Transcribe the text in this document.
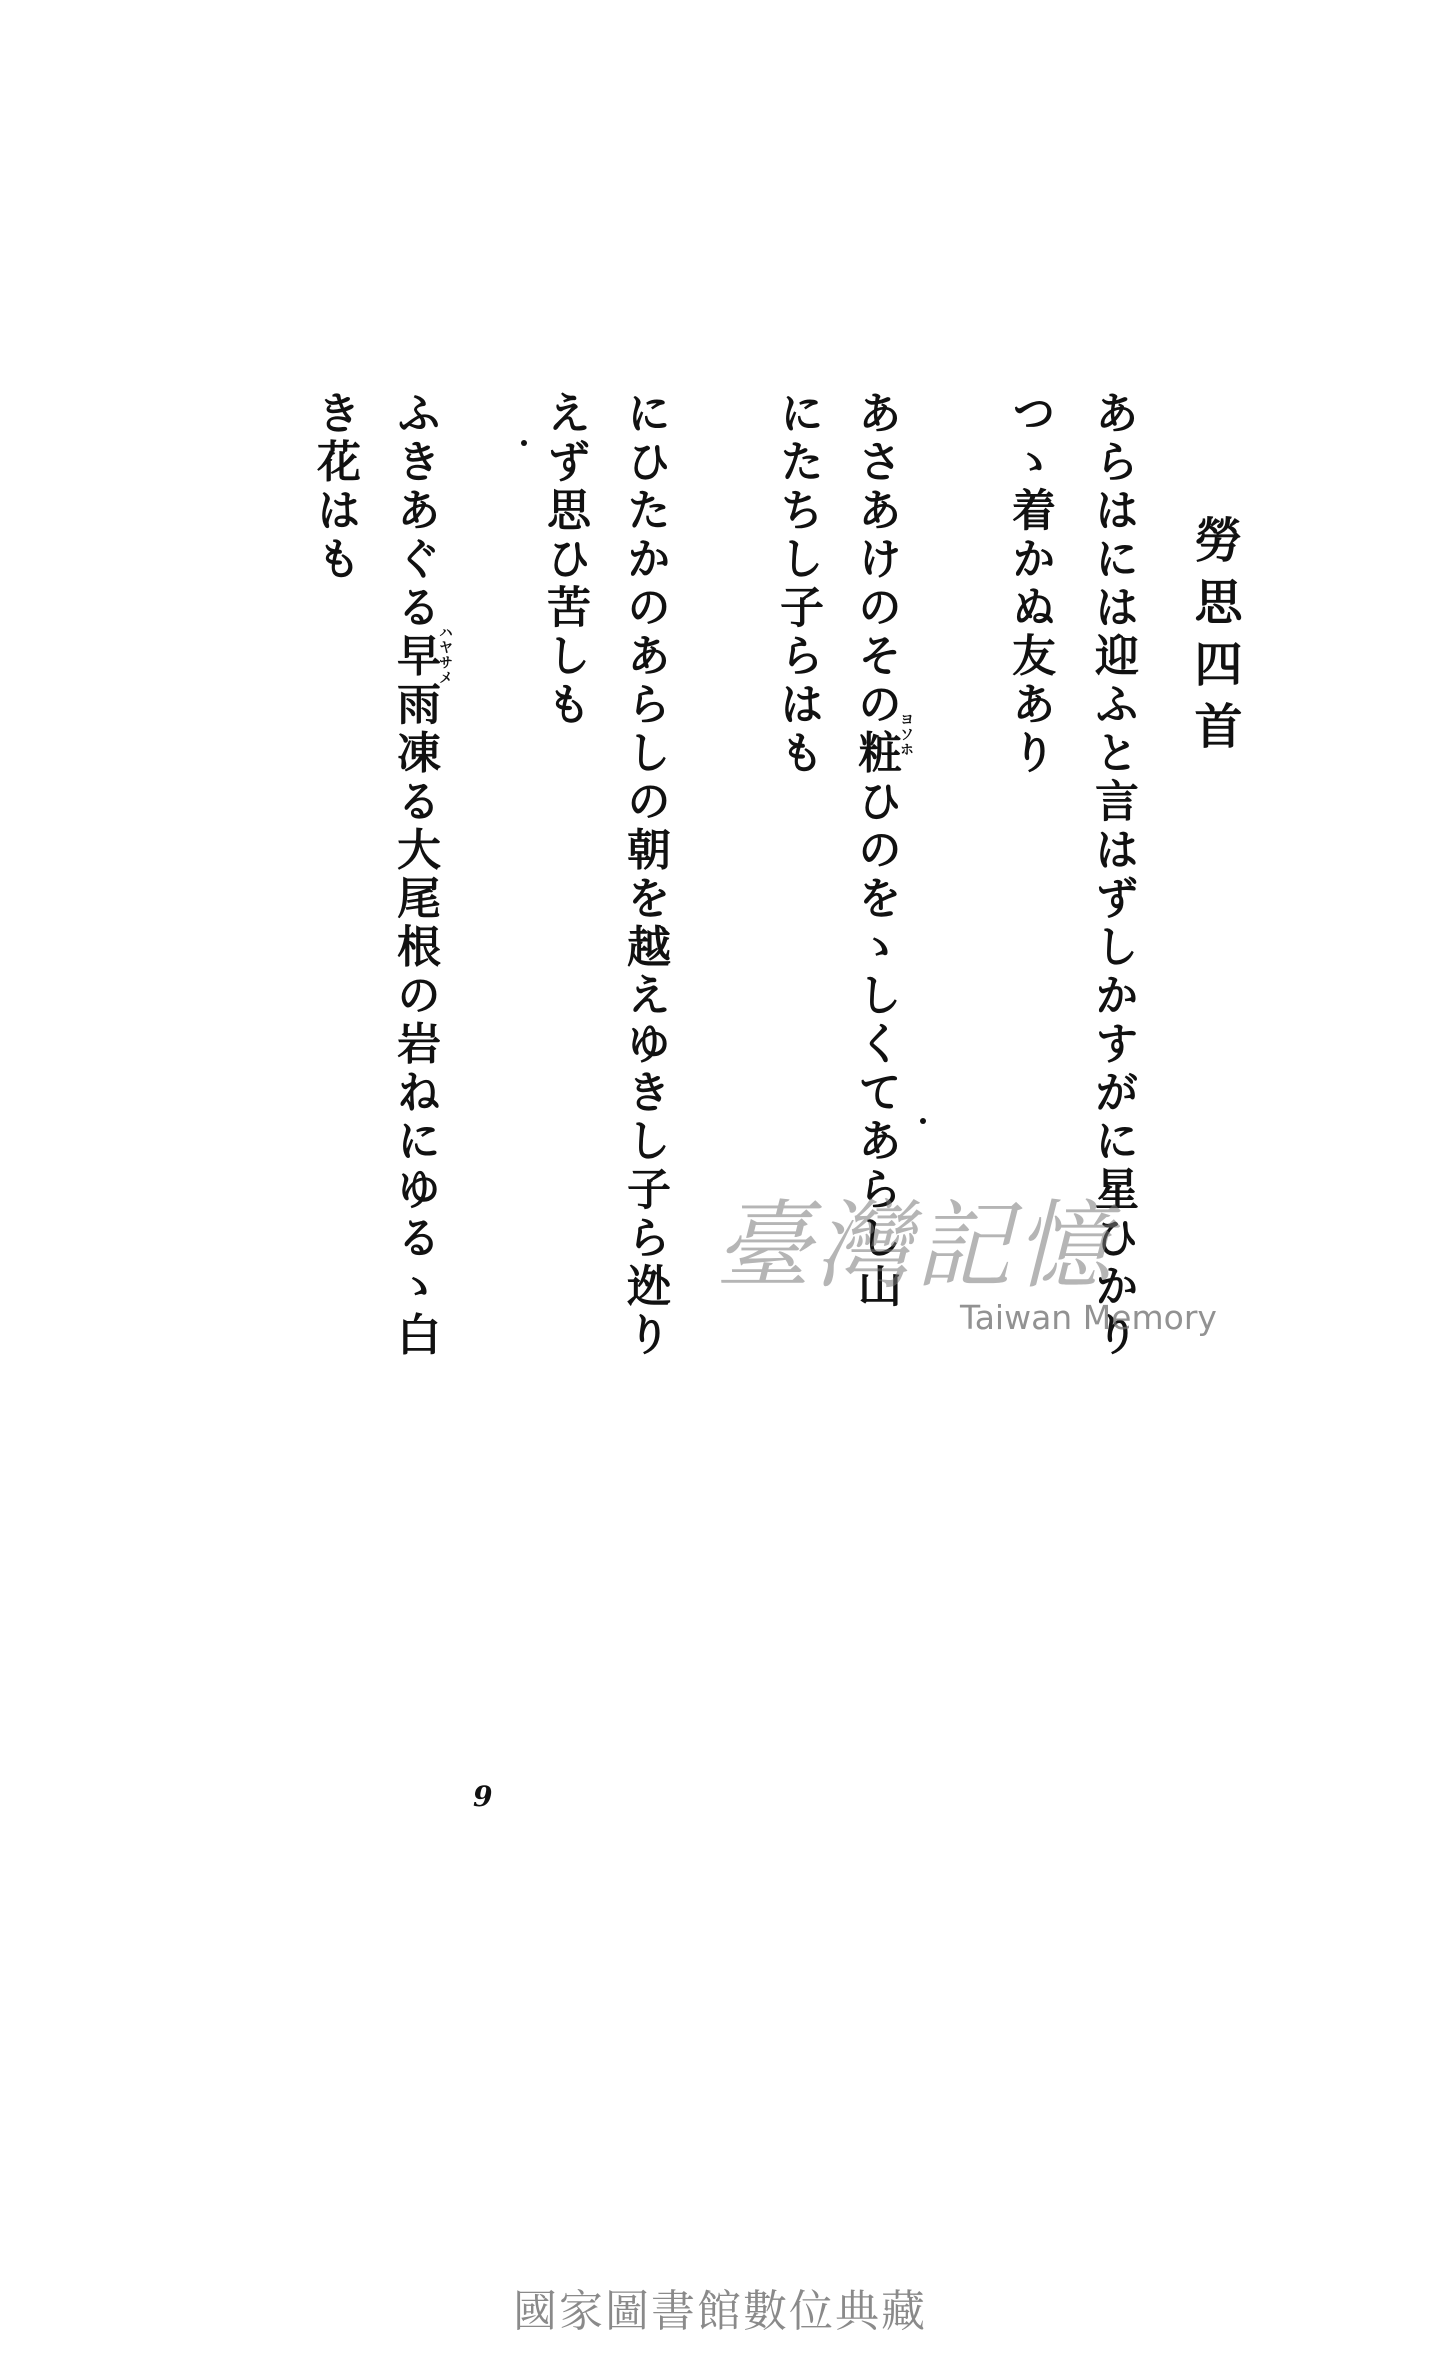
勞思四首
あらはには迎ふと言はずしかすがに星ひかり
つゝ着かぬ友あり
あさあけのその粧ひのをゝしくてあらし山
ヨソホ
にたちし子らはも
にひたかのあらしの朝を越えゆきし子ら迯り
えず思ひ苦しも
ふきあぐる早雨凍る大尾根の岩ねにゆるゝ白
ハヤサメ
き花はも
臺灣記憶
Taiwan Memory
9
國家圖書館數位典藏
